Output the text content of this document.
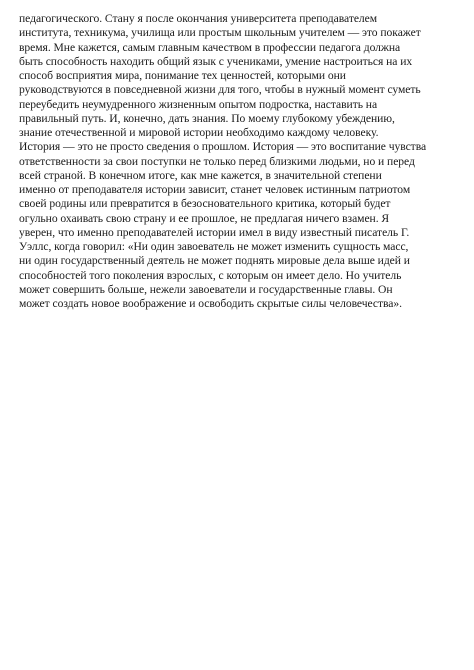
педагогического. Стану я после окончания университета преподавателем
института, техникума, училища или простым школьным учителем — это покажет
время. Мне кажется, самым главным качеством в профессии педагога должна
быть способность находить общий язык с учениками, умение настроиться на их
способ восприятия мира, понимание тех ценностей, которыми они
руководствуются в повседневной жизни для того, чтобы в нужный момент суметь
переубедить неумудренного жизненным опытом подростка, наставить на
правильный путь. И, конечно, дать знания. По моему глубокому убеждению,
знание отечественной и мировой истории необходимо каждому человеку.
История — это не просто сведения о прошлом. История — это воспитание чувства
ответственности за свои поступки не только перед близкими людьми, но и перед
всей страной. В конечном итоге, как мне кажется, в значительной степени
именно от преподавателя истории зависит, станет человек истинным патриотом
своей родины или превратится в безосновательного критика, который будет
огульно охаивать свою страну и ее прошлое, не предлагая ничего взамен. Я
уверен, что именно преподавателей истории имел в виду известный писатель Г.
Уэллс, когда говорил: «Ни один завоеватель не может изменить сущность масс,
ни один государственный деятель не может поднять мировые дела выше идей и
способностей того поколения взрослых, с которым он имеет дело. Но учитель
может совершить больше, нежели завоеватели и государственные главы. Он
может создать новое воображение и освободить скрытые силы человечества».
